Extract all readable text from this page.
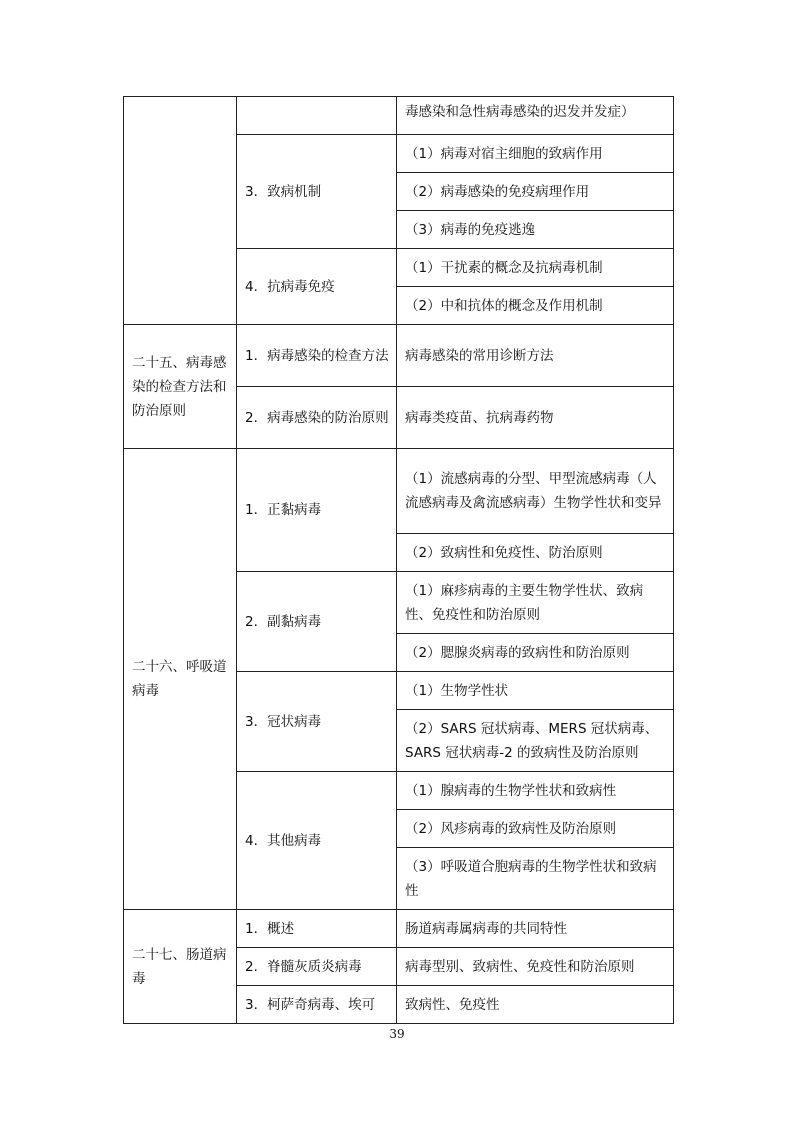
		毒感染和急性病毒感染的迟发并发症）
	3．致病机制	（1）病毒对宿主细胞的致病作用
		（2）病毒感染的免疫病理作用
		（3）病毒的免疫逃逸
	4．抗病毒免疫	（1）干扰素的概念及抗病毒机制
		（2）中和抗体的概念及作用机制
二十五、病毒感染的检查方法和防治原则	1．病毒感染的检查方法	病毒感染的常用诊断方法
	2．病毒感染的防治原则	病毒类疫苗、抗病毒药物
二十六、呼吸道病毒	1．正黏病毒	（1）流感病毒的分型、甲型流感病毒（人流感病毒及禽流感病毒）生物学性状和变异
		（2）致病性和免疫性、防治原则
	2．副黏病毒	（1）麻疹病毒的主要生物学性状、致病性、免疫性和防治原则
		（2）腮腺炎病毒的致病性和防治原则
	3．冠状病毒	（1）生物学性状
		（2）SARS 冠状病毒、MERS 冠状病毒、SARS 冠状病毒-2 的致病性及防治原则
	4．其他病毒	（1）腺病毒的生物学性状和致病性
		（2）风疹病毒的致病性及防治原则
		（3）呼吸道合胞病毒的生物学性状和致病性
二十七、肠道病毒	1．概述	肠道病毒属病毒的共同特性
	2．脊髓灰质炎病毒	病毒型别、致病性、免疫性和防治原则
	3．柯萨奇病毒、埃可	致病性、免疫性
39
